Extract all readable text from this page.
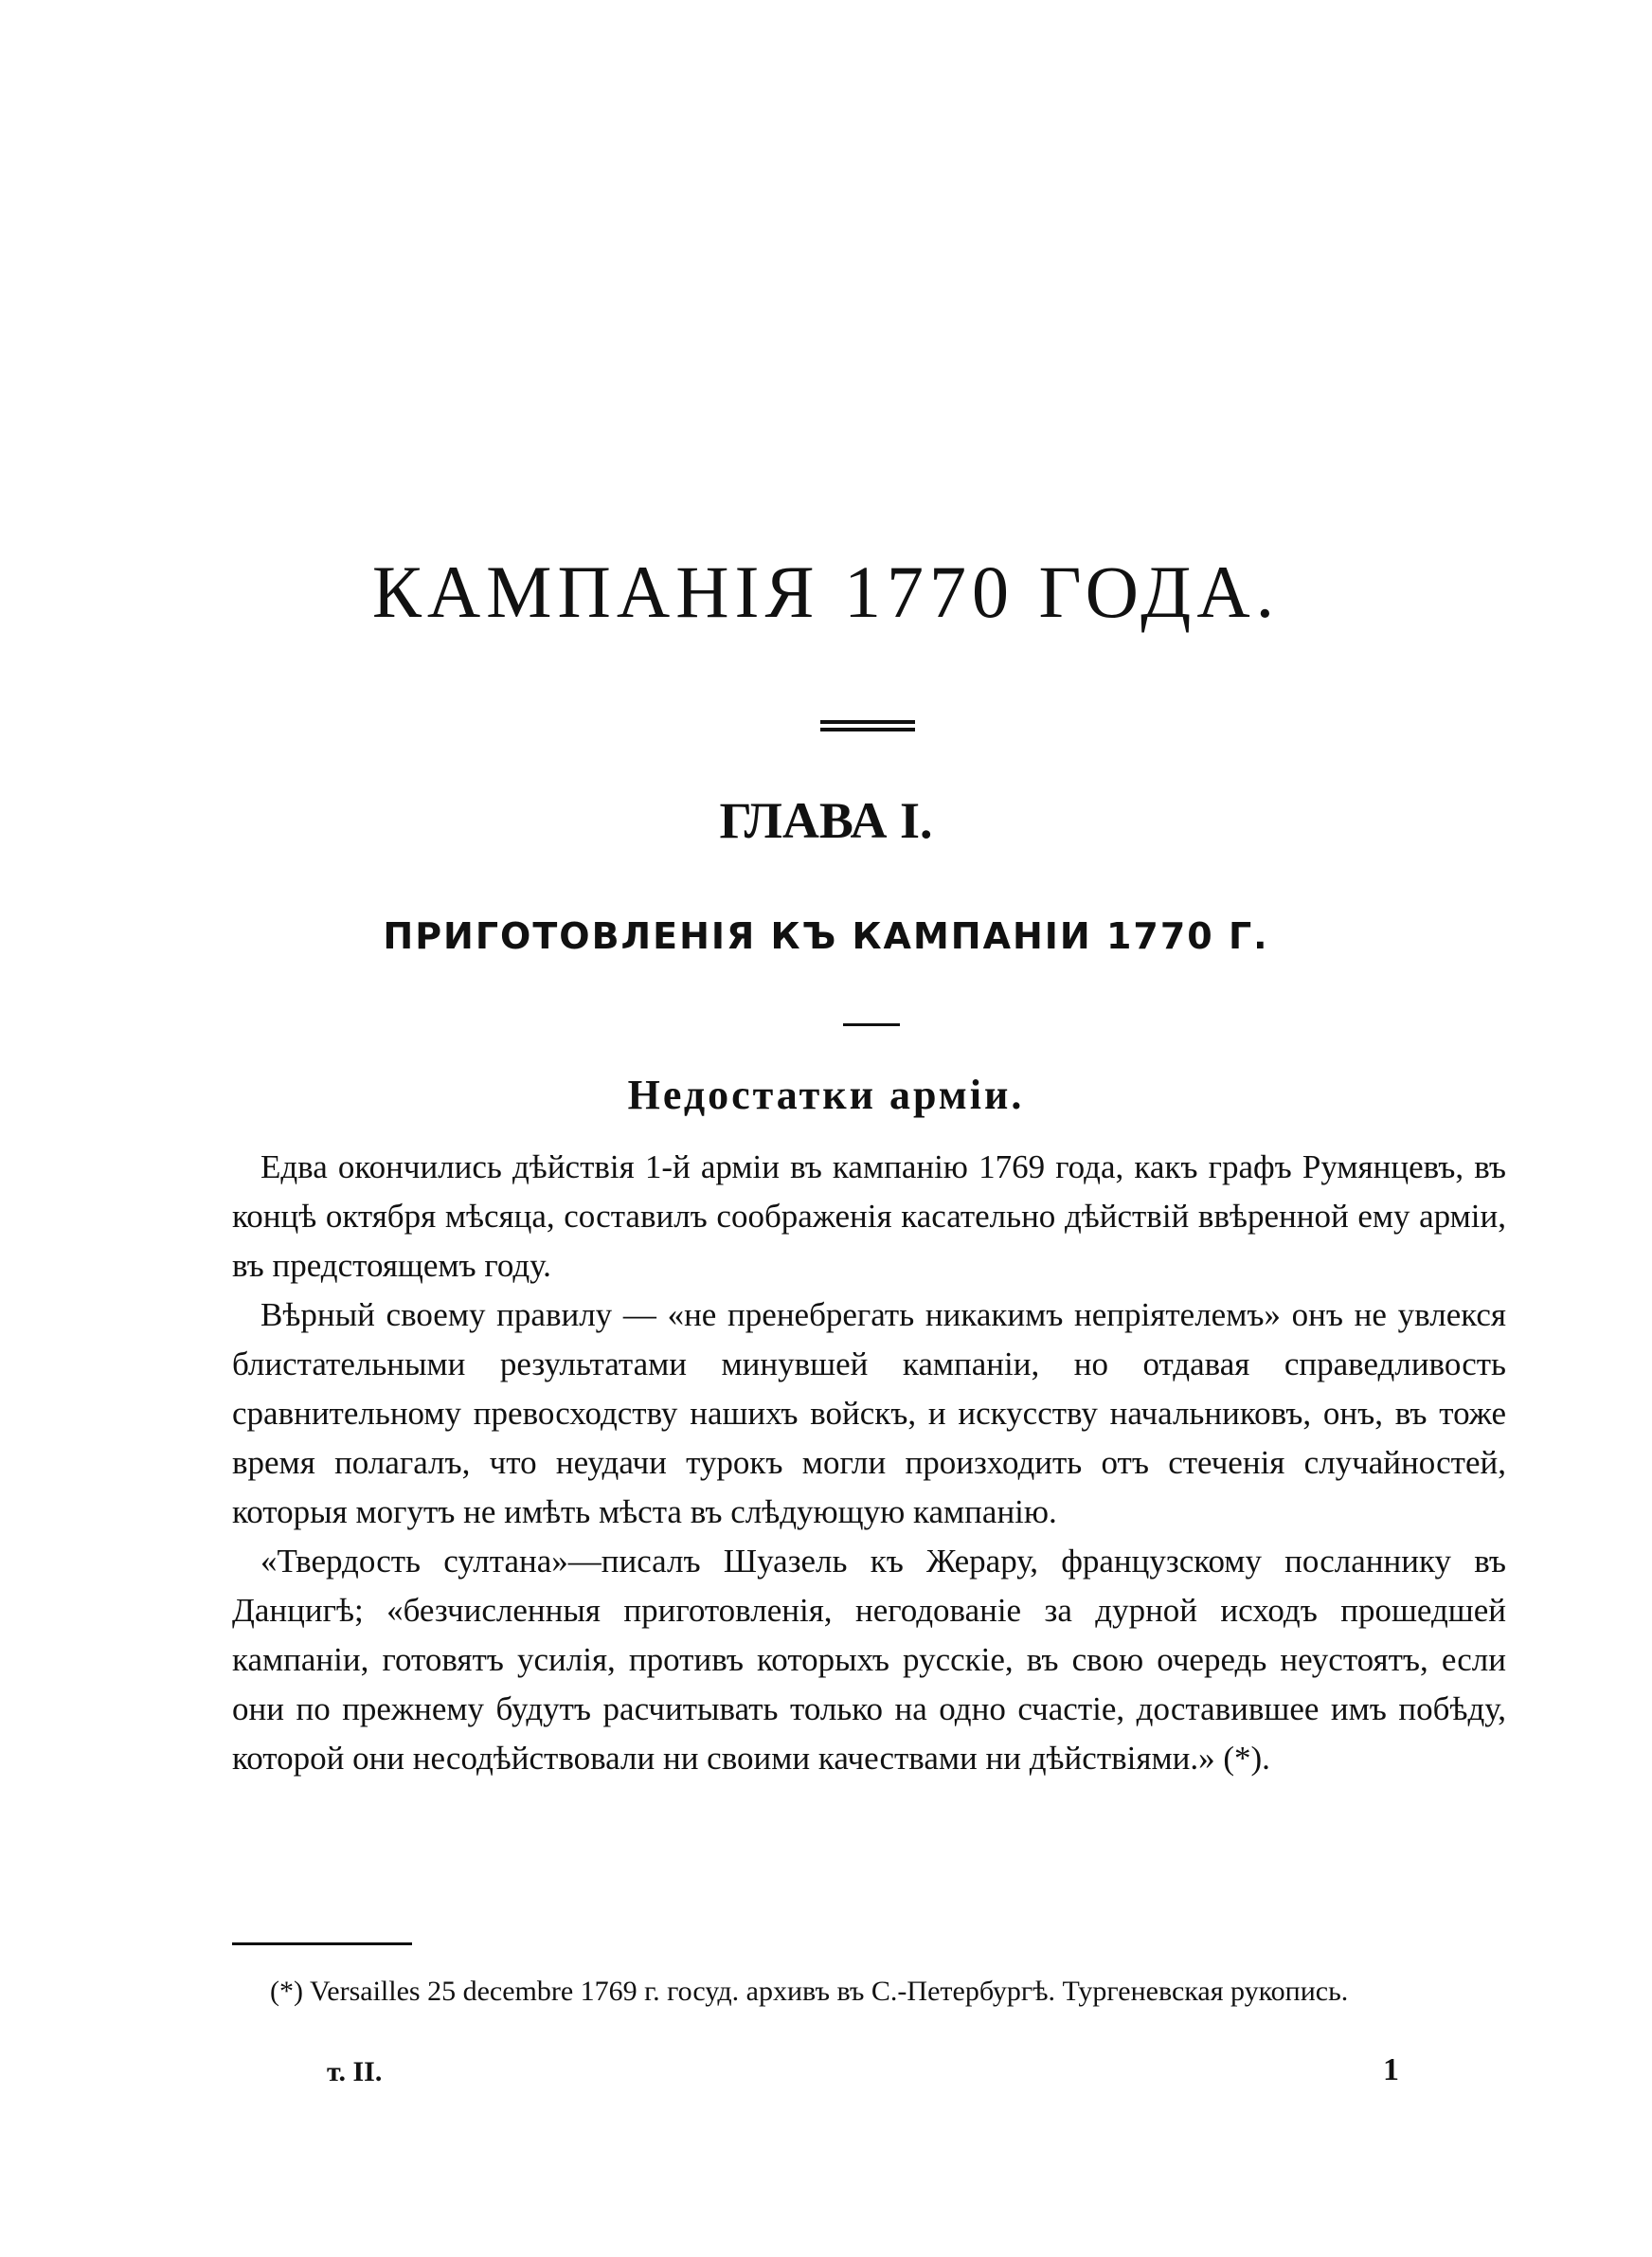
КАМПАНІЯ 1770 ГОДА.
ГЛАВА I.
ПРИГОТОВЛЕНІЯ КЪ КАМПАНІИ 1770 Г.
Недостатки арміи.

Едва окончились дѣйствія 1-й арміи въ кампанію 1769 года, какъ графъ Румянцевъ, въ концѣ октября мѣсяца, составилъ соображенія касательно дѣйствій ввѣренной ему арміи, въ предстоящемъ году.

Вѣрный своему правилу — «не пренебрегать никакимъ непріятелемъ» онъ не увлекся блистательными результатами минувшей кампаніи, но отдавая справедливость сравнительному превосходству нашихъ войскъ, и искусству начальниковъ, онъ, въ тоже время полагалъ, что неудачи турокъ могли произходить отъ стеченія случайностей, которыя могутъ не имѣть мѣста въ слѣдующую кампанію.

«Твердость султана»—писалъ Шуазель къ Жерару, французскому посланнику въ Данцигѣ; «безчисленныя приготовленія, негодованіе за дурной исходъ прошедшей кампаніи, готовятъ усилія, противъ которыхъ русскіе, въ свою очередь неустоятъ, если они по прежнему будутъ расчитывать только на одно счастіе, доставившее имъ побѣду, которой они несодѣйствовали ни своими качествами ни дѣйствіями.» (*).

(*) Versailles 25 decembre 1769 г. госуд. архивъ въ С.-Петербургѣ. Тургеневская рукопись.

т. II.	1
